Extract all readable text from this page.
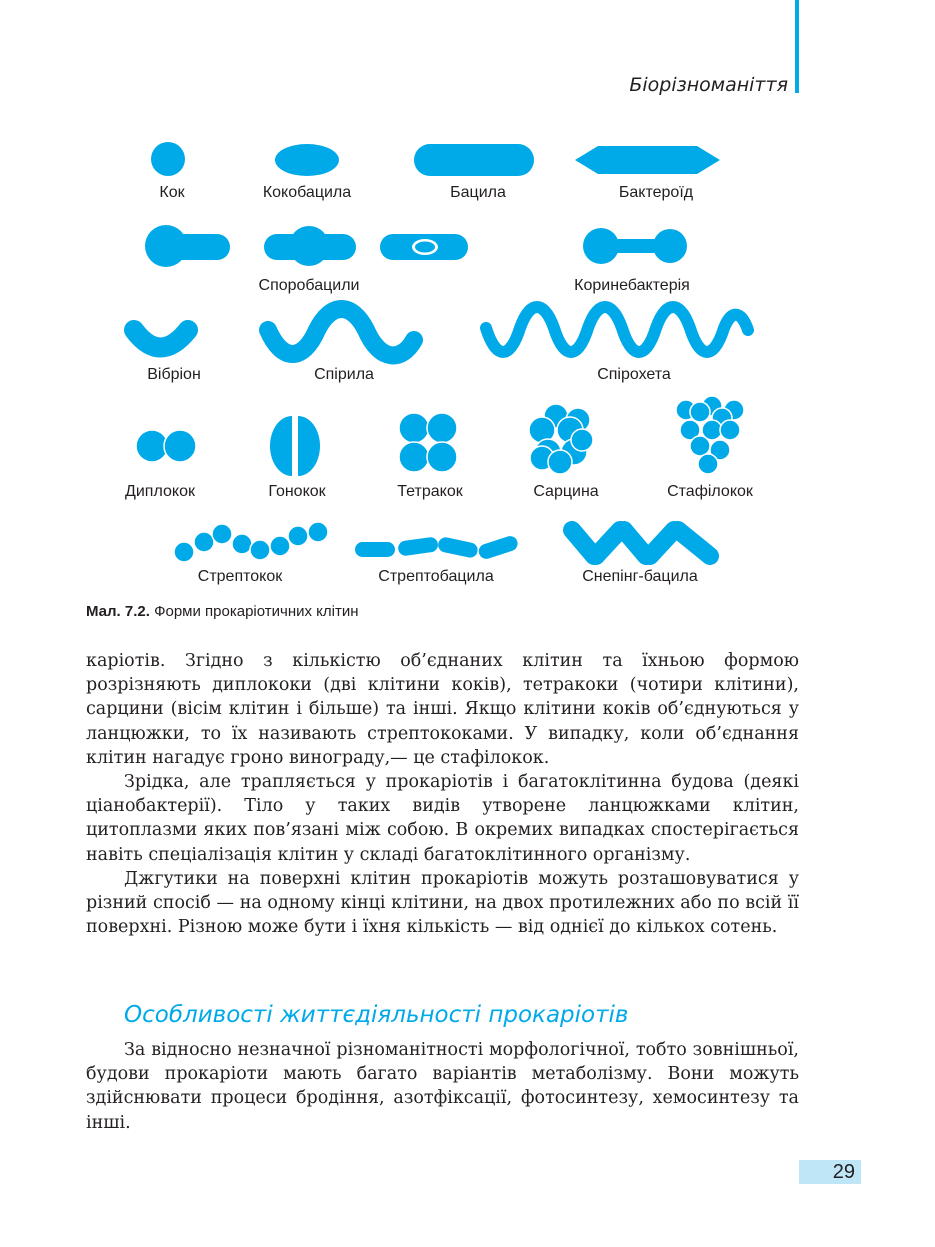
Біорізноманіття
Кок	Кокобацила	Бацила	Бактероїд
Споробацили	Коринебактерія
Вібріон	Спірила	Спірохета
Диплокок	Гонокок	Тетракок	Сарцина	Стафілокок
Стрептокок	Стрептобацила	Снепінг-бацила
Мал. 7.2. Форми прокаріотичних клітин

каріотів. Згідно з кількістю об’єднаних клітин та їхньою формою розрізняють диплококи (дві клітини коків), тетракоки (чотири клітини), сарцини (вісім клітин і більше) та інші. Якщо клітини коків об’єднуються у ланцюжки, то їх називають стрептококами. У випадку, коли об’єднання клітин нагадує гроно винограду,— це стафілокок.

Зрідка, але трапляється у прокаріотів і багатоклітинна будова (деякі ціанобактерії). Тіло у таких видів утворене ланцюжками клітин, цитоплазми яких пов’язані між собою. В окремих випадках спостерігається навіть спеціалізація клітин у складі багатоклітинного організму.

Джгутики на поверхні клітин прокаріотів можуть розташовуватися у різний спосіб — на одному кінці клітини, на двох протилежних або по всій її поверхні. Різною може бути і їхня кількість — від однієї до кількох сотень.

Особливості життєдіяльності прокаріотів

За відносно незначної різноманітності морфологічної, тобто зовнішньої, будови прокаріоти мають багато варіантів метаболізму. Вони можуть здійснювати процеси бродіння, азотфіксації, фотосинтезу, хемосинтезу та інші.

29
